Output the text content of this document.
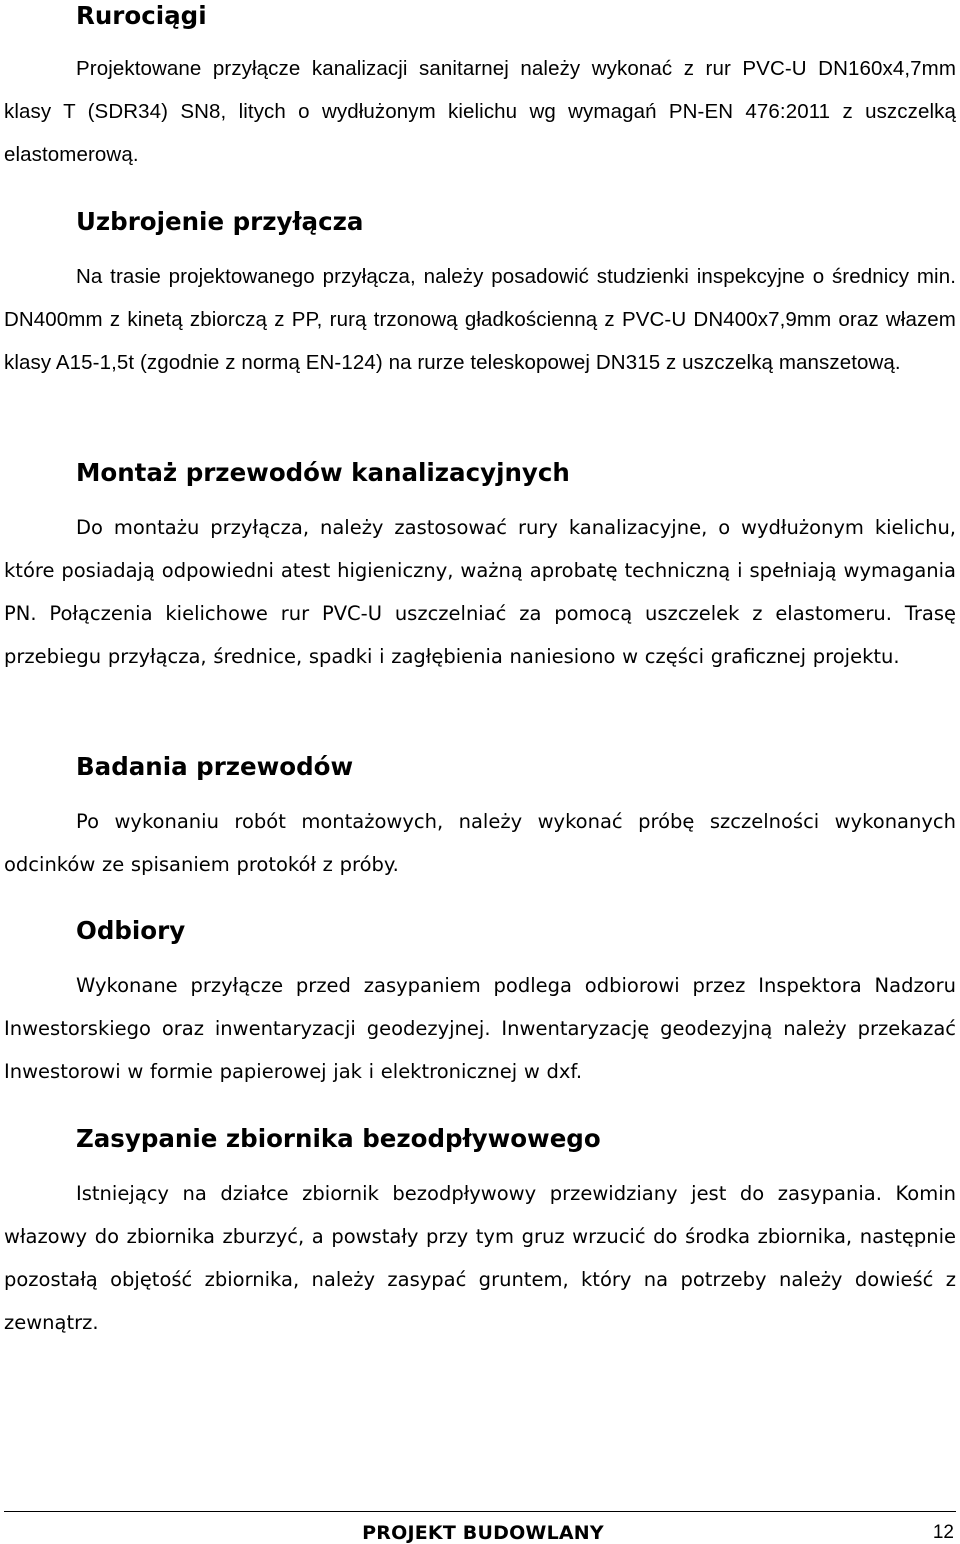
Rurociągi

Projektowane przyłącze kanalizacji sanitarnej należy wykonać z rur PVC-U DN160x4,7mm klasy T (SDR34) SN8, litych o wydłużonym kielichu wg wymagań PN-EN 476:2011 z uszczelką elastomerową.

Uzbrojenie przyłącza

Na trasie projektowanego przyłącza, należy posadowić studzienki inspekcyjne o średnicy min. DN400mm z kinetą zbiorczą z PP, rurą trzonową gładkościenną z PVC-U DN400x7,9mm oraz włazem klasy A15-1,5t (zgodnie z normą EN-124) na rurze teleskopowej DN315 z uszczelką manszetową.

Montaż przewodów kanalizacyjnych

Do montażu przyłącza, należy zastosować rury kanalizacyjne, o wydłużonym kielichu, które posiadają odpowiedni atest higieniczny, ważną aprobatę techniczną i spełniają wymagania PN. Połączenia kielichowe rur PVC-U uszczelniać za pomocą uszczelek z elastomeru. Trasę przebiegu przyłącza, średnice, spadki i zagłębienia naniesiono w części graficznej projektu.

Badania przewodów

Po wykonaniu robót montażowych, należy wykonać próbę szczelności wykonanych odcinków ze spisaniem protokół z próby.

Odbiory

Wykonane przyłącze przed zasypaniem podlega odbiorowi przez Inspektora Nadzoru Inwestorskiego oraz inwentaryzacji geodezyjnej. Inwentaryzację geodezyjną należy przekazać Inwestorowi w formie papierowej jak i elektronicznej w dxf.

Zasypanie zbiornika bezodpływowego

Istniejący na działce zbiornik bezodpływowy przewidziany jest do zasypania. Komin włazowy do zbiornika zburzyć, a powstały przy tym gruz wrzucić do środka zbiornika, następnie pozostałą objętość zbiornika, należy zasypać gruntem, który na potrzeby należy dowieść z zewnątrz.

PROJEKT BUDOWLANY	12
